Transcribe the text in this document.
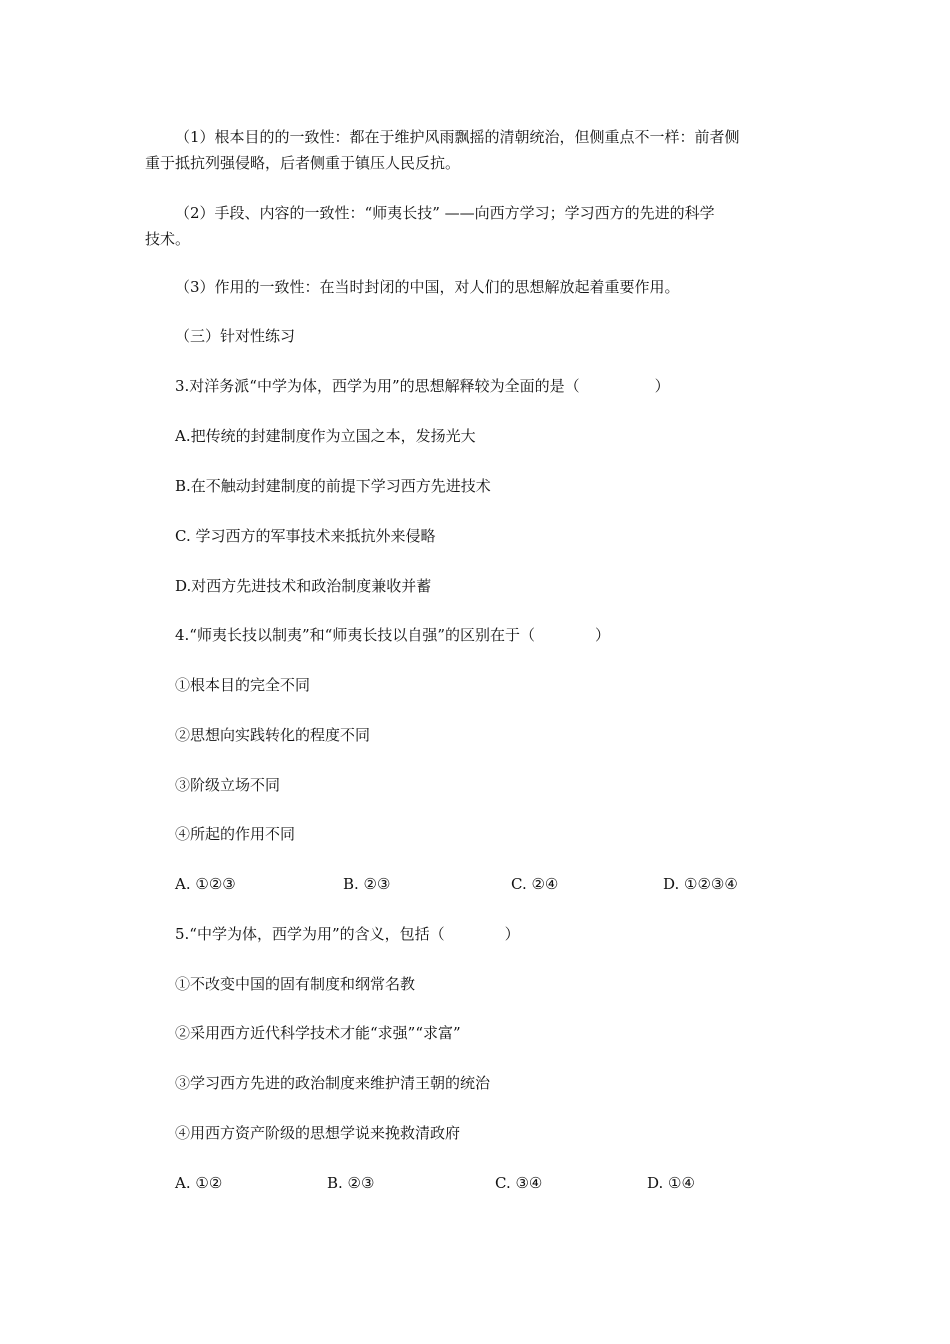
（1）根本目的的一致性：都在于维护风雨飘摇的清朝统治，但侧重点不一样：前者侧
重于抵抗列强侵略，后者侧重于镇压人民反抗。
（2）手段、内容的一致性：“师夷长技” ——向西方学习；学习西方的先进的科学
技术。
（3）作用的一致性：在当时封闭的中国，对人们的思想解放起着重要作用。
（三）针对性练习
3.对洋务派“中学为体，西学为用”的思想解释较为全面的是（　　　　　）
A.把传统的封建制度作为立国之本，发扬光大
B.在不触动封建制度的前提下学习西方先进技术
C. 学习西方的军事技术来抵抗外来侵略
D.对西方先进技术和政治制度兼收并蓄
4.“师夷长技以制夷”和“师夷长技以自强”的区别在于（　　　　）
①根本目的完全不同
②思想向实践转化的程度不同
③阶级立场不同
④所起的作用不同
A. ①②③	B. ②③	C. ②④	D. ①②③④
5.“中学为体，西学为用”的含义，包括（　　　　）
①不改变中国的固有制度和纲常名教
②采用西方近代科学技术才能“求强”“求富”
③学习西方先进的政治制度来维护清王朝的统治
④用西方资产阶级的思想学说来挽救清政府
A. ①②	B. ②③	C. ③④	D. ①④
